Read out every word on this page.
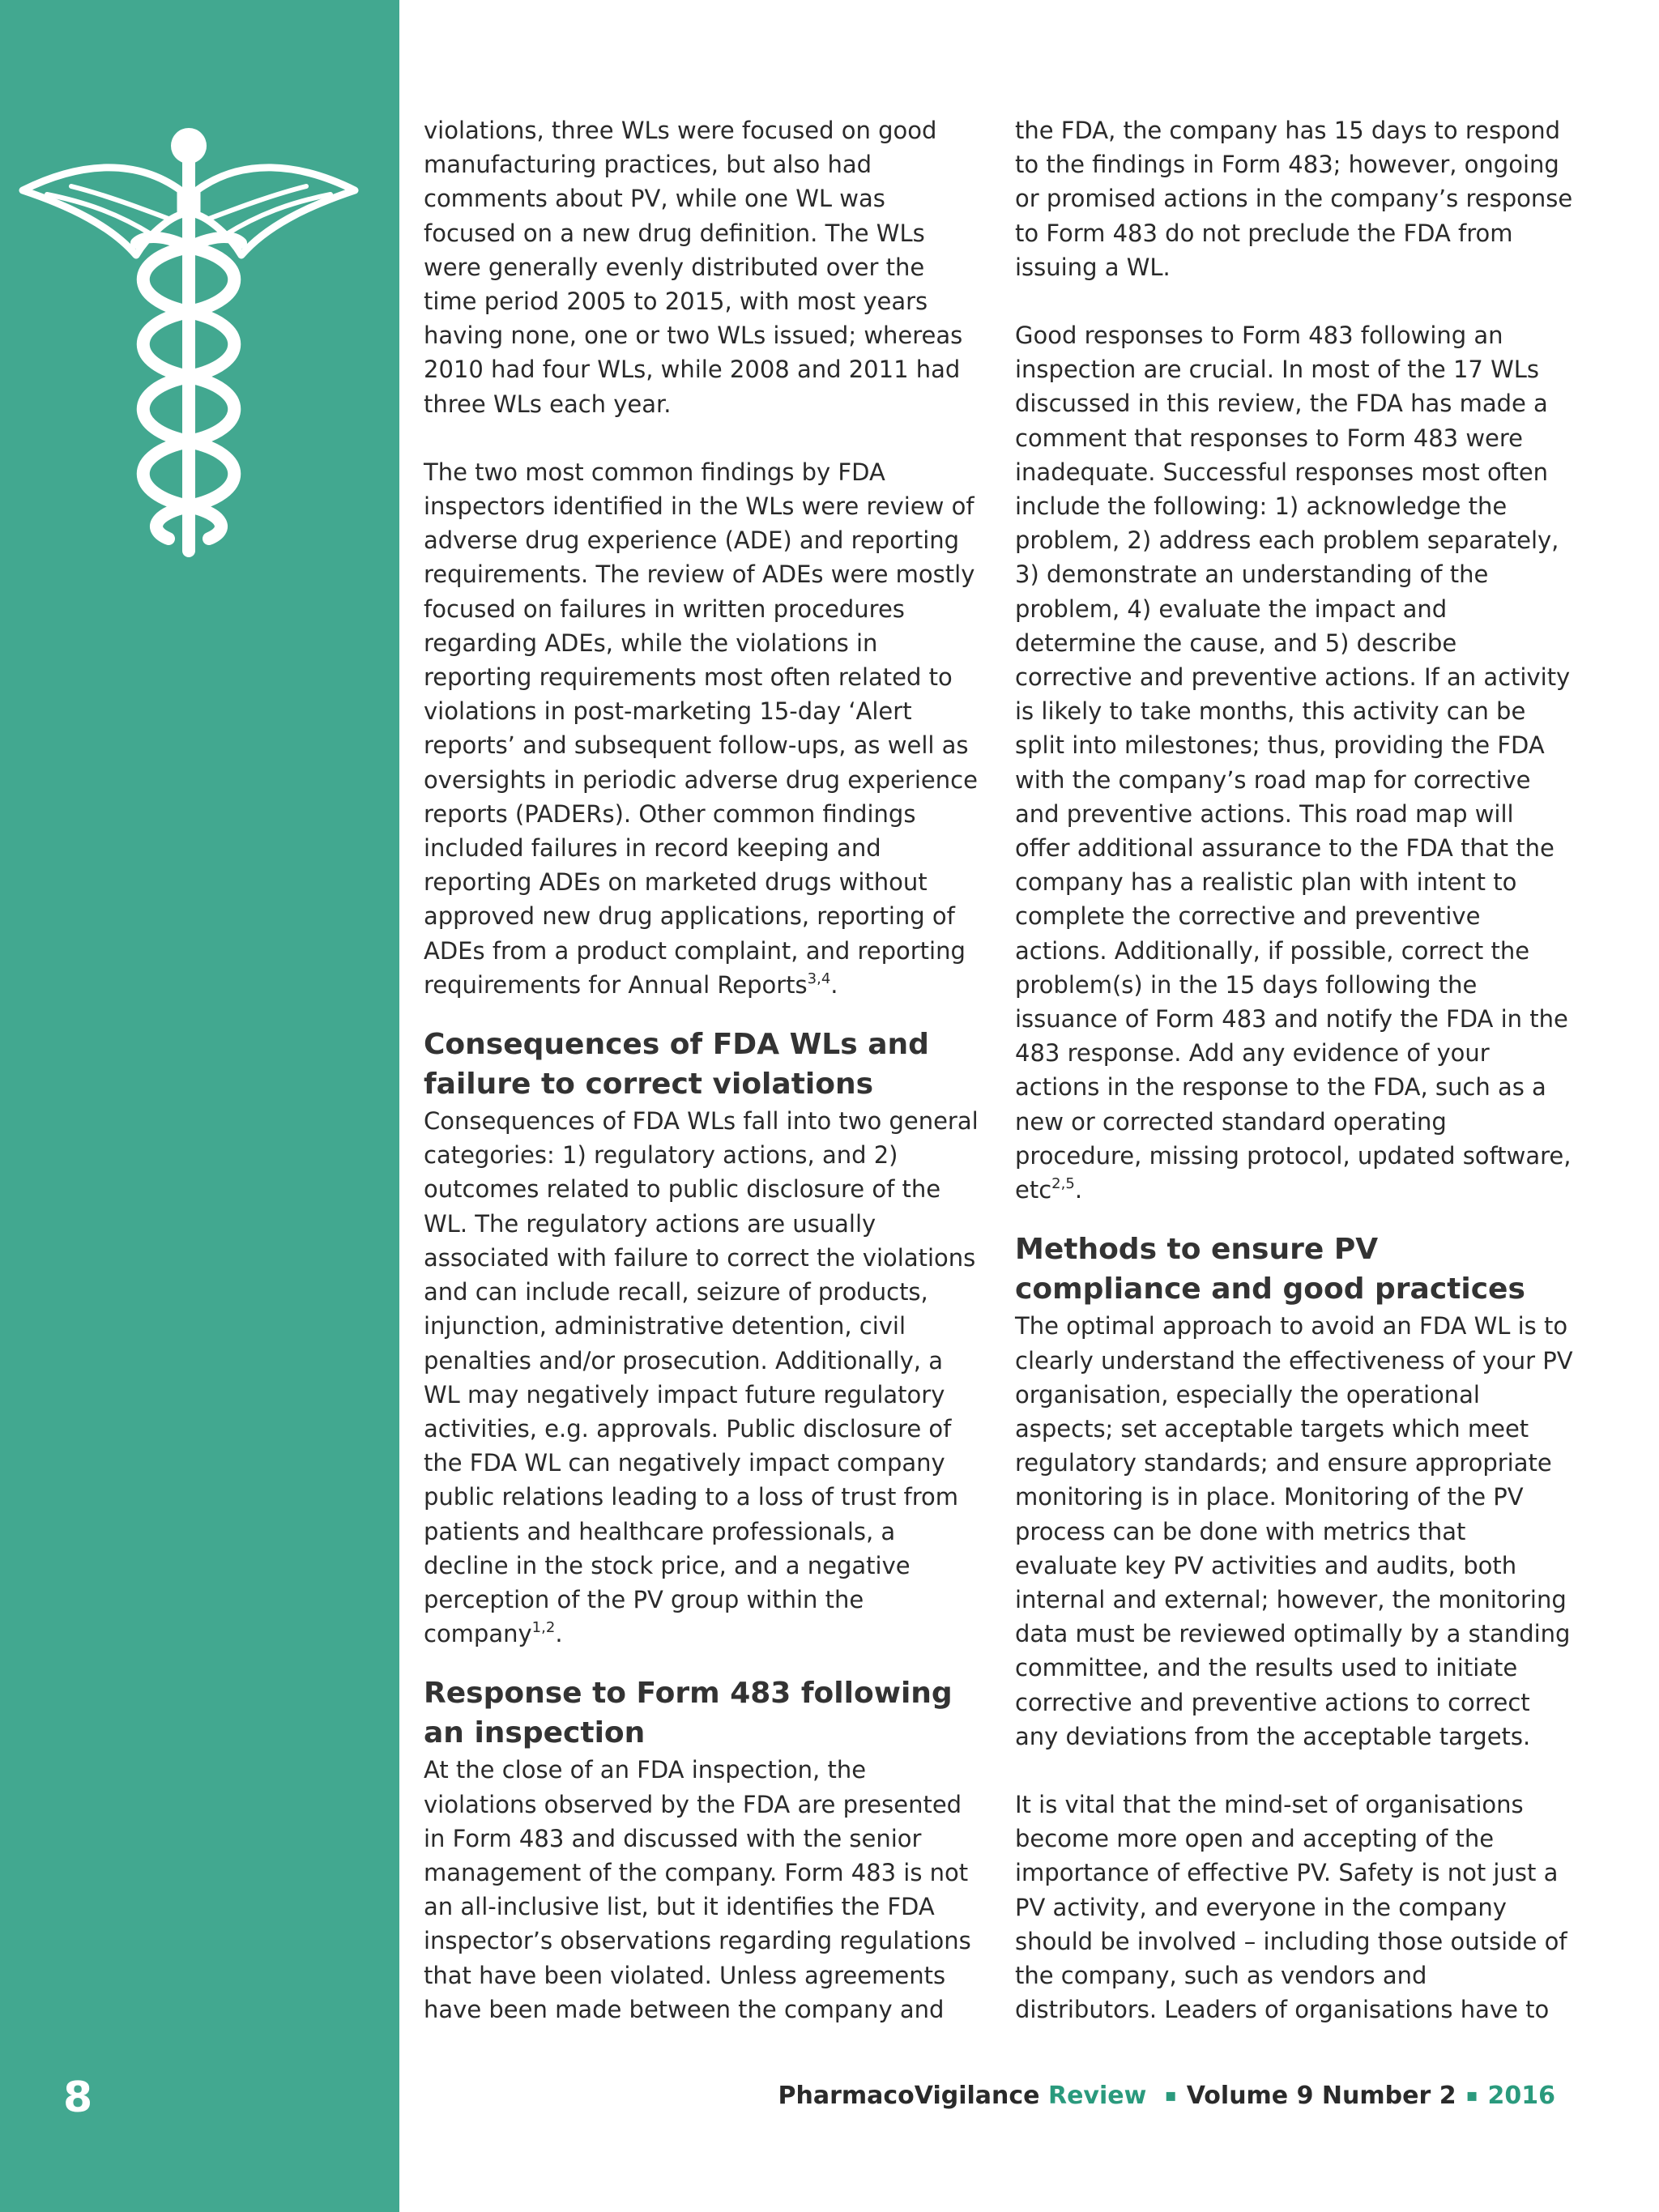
8

violations, three WLs were focused on good manufacturing practices, but also had comments about PV, while one WL was focused on a new drug definition. The WLs were generally evenly distributed over the time period 2005 to 2015, with most years having none, one or two WLs issued; whereas 2010 had four WLs, while 2008 and 2011 had three WLs each year.

The two most common findings by FDA inspectors identified in the WLs were review of adverse drug experience (ADE) and reporting requirements. The review of ADEs were mostly focused on failures in written procedures regarding ADEs, while the violations in reporting requirements most often related to violations in post-marketing 15-day ‘Alert reports’ and subsequent follow-ups, as well as oversights in periodic adverse drug experience reports (PADERs). Other common findings included failures in record keeping and reporting ADEs on marketed drugs without approved new drug applications, reporting of ADEs from a product complaint, and reporting requirements for Annual Reports$^{3,4}$.

Consequences of FDA WLs and failure to correct violations

Consequences of FDA WLs fall into two general categories: 1) regulatory actions, and 2) outcomes related to public disclosure of the WL. The regulatory actions are usually associated with failure to correct the violations and can include recall, seizure of products, injunction, administrative detention, civil penalties and/or prosecution. Additionally, a WL may negatively impact future regulatory activities, e.g. approvals. Public disclosure of the FDA WL can negatively impact company public relations leading to a loss of trust from patients and healthcare professionals, a decline in the stock price, and a negative perception of the PV group within the company$^{1,2}$.

Response to Form 483 following an inspection

At the close of an FDA inspection, the violations observed by the FDA are presented in Form 483 and discussed with the senior management of the company. Form 483 is not an all-inclusive list, but it identifies the FDA inspector’s observations regarding regulations that have been violated. Unless agreements have been made between the company and

the FDA, the company has 15 days to respond to the findings in Form 483; however, ongoing or promised actions in the company’s response to Form 483 do not preclude the FDA from issuing a WL.

Good responses to Form 483 following an inspection are crucial. In most of the 17 WLs discussed in this review, the FDA has made a comment that responses to Form 483 were inadequate. Successful responses most often include the following: 1) acknowledge the problem, 2) address each problem separately, 3) demonstrate an understanding of the problem, 4) evaluate the impact and determine the cause, and 5) describe corrective and preventive actions. If an activity is likely to take months, this activity can be split into milestones; thus, providing the FDA with the company’s road map for corrective and preventive actions. This road map will offer additional assurance to the FDA that the company has a realistic plan with intent to complete the corrective and preventive actions. Additionally, if possible, correct the problem(s) in the 15 days following the issuance of Form 483 and notify the FDA in the 483 response. Add any evidence of your actions in the response to the FDA, such as a new or corrected standard operating procedure, missing protocol, updated software, etc$^{2,5}$.

Methods to ensure PV compliance and good practices

The optimal approach to avoid an FDA WL is to clearly understand the effectiveness of your PV organisation, especially the operational aspects; set acceptable targets which meet regulatory standards; and ensure appropriate monitoring is in place. Monitoring of the PV process can be done with metrics that evaluate key PV activities and audits, both internal and external; however, the monitoring data must be reviewed optimally by a standing committee, and the results used to initiate corrective and preventive actions to correct any deviations from the acceptable targets.

It is vital that the mind-set of organisations become more open and accepting of the importance of effective PV. Safety is not just a PV activity, and everyone in the company should be involved – including those outside of the company, such as vendors and distributors. Leaders of organisations have to

PharmacoVigilance Review ▪ Volume 9 Number 2 ▪ 2016
